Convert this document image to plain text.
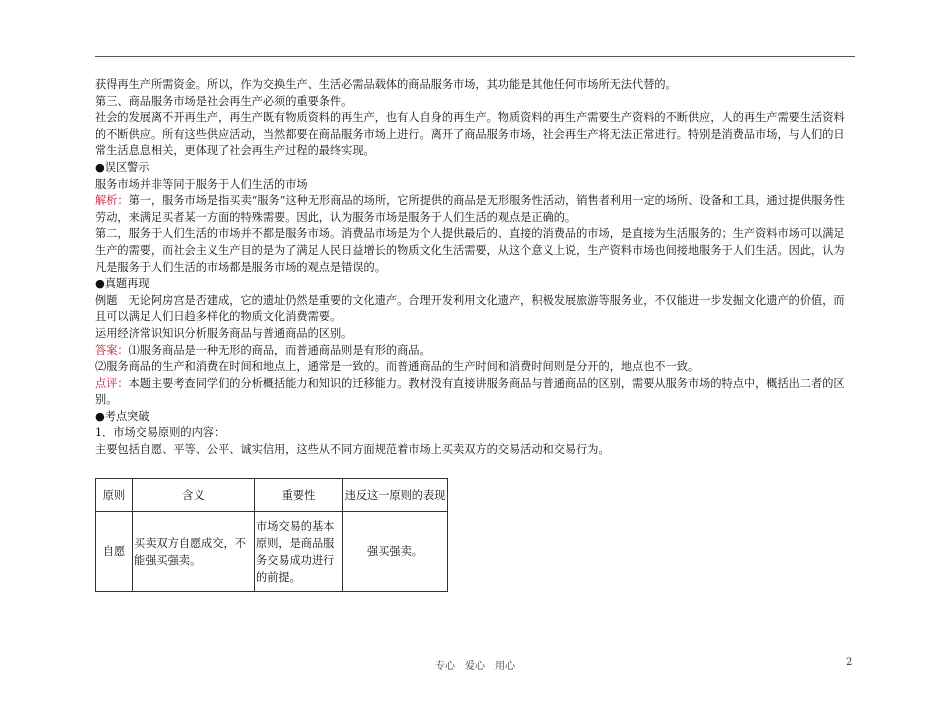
获得再生产所需资金。所以，作为交换生产、生活必需品载体的商品服务市场，其功能是其他任何市场所无法代替的。

第三、商品服务市场是社会再生产必须的重要条件。

社会的发展离不开再生产，再生产既有物质资料的再生产，也有人自身的再生产。物质资料的再生产需要生产资料的不断供应，人的再生产需要生活资料的不断供应。所有这些供应活动，当然都要在商品服务市场上进行。离开了商品服务市场，社会再生产将无法正常进行。特别是消费品市场，与人们的日常生活息息相关，更体现了社会再生产过程的最终实现。

●误区警示

服务市场并非等同于服务于人们生活的市场

解析：第一，服务市场是指买卖“服务”这种无形商品的场所，它所提供的商品是无形服务性活动，销售者利用一定的场所、设备和工具，通过提供服务性劳动，来满足买者某一方面的特殊需要。因此，认为服务市场是服务于人们生活的观点是正确的。

第二，服务于人们生活的市场并不都是服务市场。消费品市场是为个人提供最后的、直接的消费品的市场，是直接为生活服务的；生产资料市场可以满足生产的需要，而社会主义生产目的是为了满足人民日益增长的物质文化生活需要，从这个意义上说，生产资料市场也间接地服务于人们生活。因此，认为凡是服务于人们生活的市场都是服务市场的观点是错误的。

●真题再现

例题　无论阿房宫是否建成，它的遗址仍然是重要的文化遗产。合理开发利用文化遗产，积极发展旅游等服务业，不仅能进一步发掘文化遗产的价值，而且可以满足人们日趋多样化的物质文化消费需要。

运用经济常识知识分析服务商品与普通商品的区别。

答案：⑴服务商品是一种无形的商品，而普通商品则是有形的商品。

⑵服务商品的生产和消费在时间和地点上，通常是一致的。而普通商品的生产时间和消费时间则是分开的，地点也不一致。

点评：本题主要考查同学们的分析概括能力和知识的迁移能力。教材没有直接讲服务商品与普通商品的区别，需要从服务市场的特点中，概括出二者的区别。

●考点突破

1．市场交易原则的内容：

主要包括自愿、平等、公平、诚实信用，这些从不同方面规范着市场上买卖双方的交易活动和交易行为。

原则	含义	重要性	违反这一原则的表现
自愿	买卖双方自愿成交，不能强买强卖。	市场交易的基本原则，是商品服务交易成功进行的前提。	强买强卖。
专心　爱心　用心	2
